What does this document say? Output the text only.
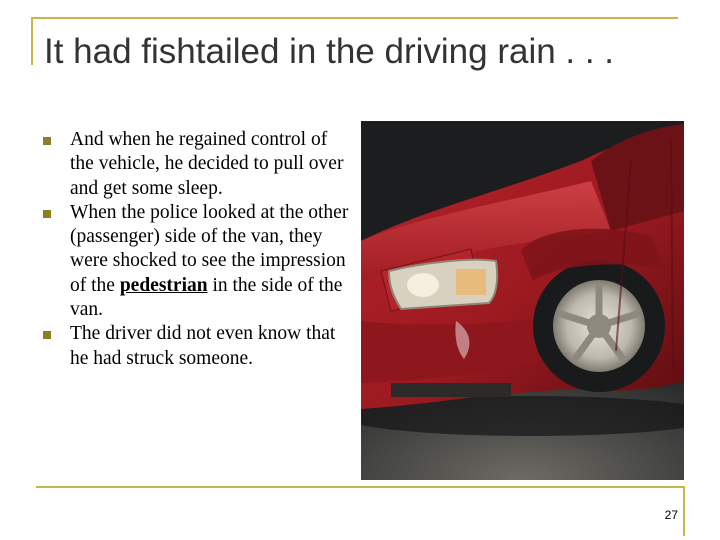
It had fishtailed in the driving rain . . .
And when he regained control of the vehicle, he decided to pull over and get some sleep.
When the police looked at the other (passenger) side of the van, they were shocked to see the impression of the pedestrian in the side of the van.
The driver did not even know that he had struck someone.
27
